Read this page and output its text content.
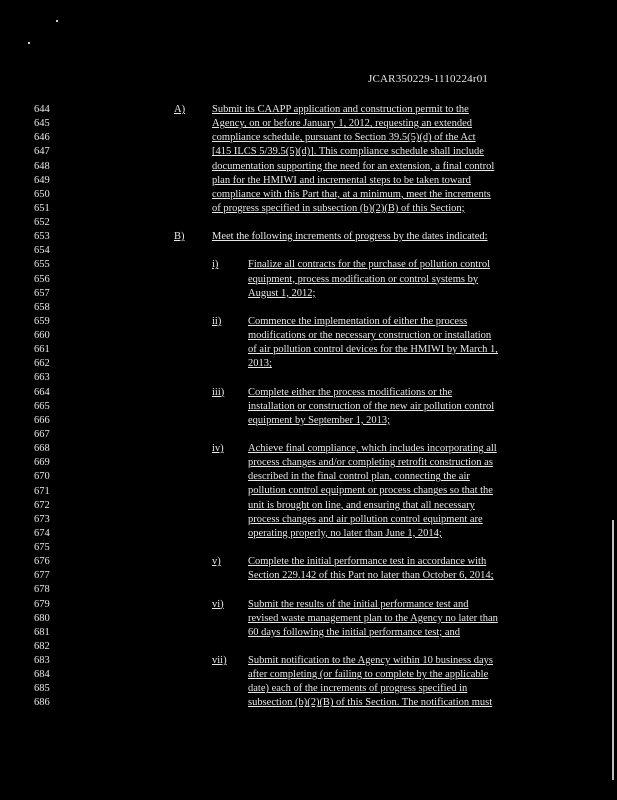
JCAR350229-1110224r01
644
645
646
647
648
649
650
651
652
653
654
655
656
657
658
659
660
661
662
663
664
665
666
667
668
669
670
671
672
673
674
675
676
677
678
679
680
681
682
683
684
685
686
A)	Submit its CAAPP application and construction permit to the
Agency, on or before January 1, 2012, requesting an extended
compliance schedule, pursuant to Section 39.5(5)(d) of the Act
[415 ILCS 5/39.5(5)(d)]. This compliance schedule shall include
documentation supporting the need for an extension, a final control
plan for the HMIWI and incremental steps to be taken toward
compliance with this Part that, at a minimum, meet the increments
of progress specified in subsection (b)(2)(B) of this Section;
B)	Meet the following increments of progress by the dates indicated:
i)	Finalize all contracts for the purchase of pollution control
equipment, process modification or control systems by
August 1, 2012;
ii)	Commence the implementation of either the process
modifications or the necessary construction or installation
of air pollution control devices for the HMIWI by March 1,
2013;
iii) Complete either the process modifications or the
installation or construction of the new air pollution control
equipment by September 1, 2013;
iv) Achieve final compliance, which includes incorporating all
process changes and/or completing retrofit construction as
described in the final control plan, connecting the air
pollution control equipment or process changes so that the
unit is brought on line, and ensuring that all necessary
process changes and air pollution control equipment are
operating properly, no later than June 1, 2014;
v)	Complete the initial performance test in accordance with
Section 229.142 of this Part no later than October 6, 2014;
vi) Submit the results of the initial performance test and
revised waste management plan to the Agency no later than
60 days following the initial performance test; and
vii) Submit notification to the Agency within 10 business days
after completing (or failing to complete by the applicable
date) each of the increments of progress specified in
subsection (b)(2)(B) of this Section. The notification must
